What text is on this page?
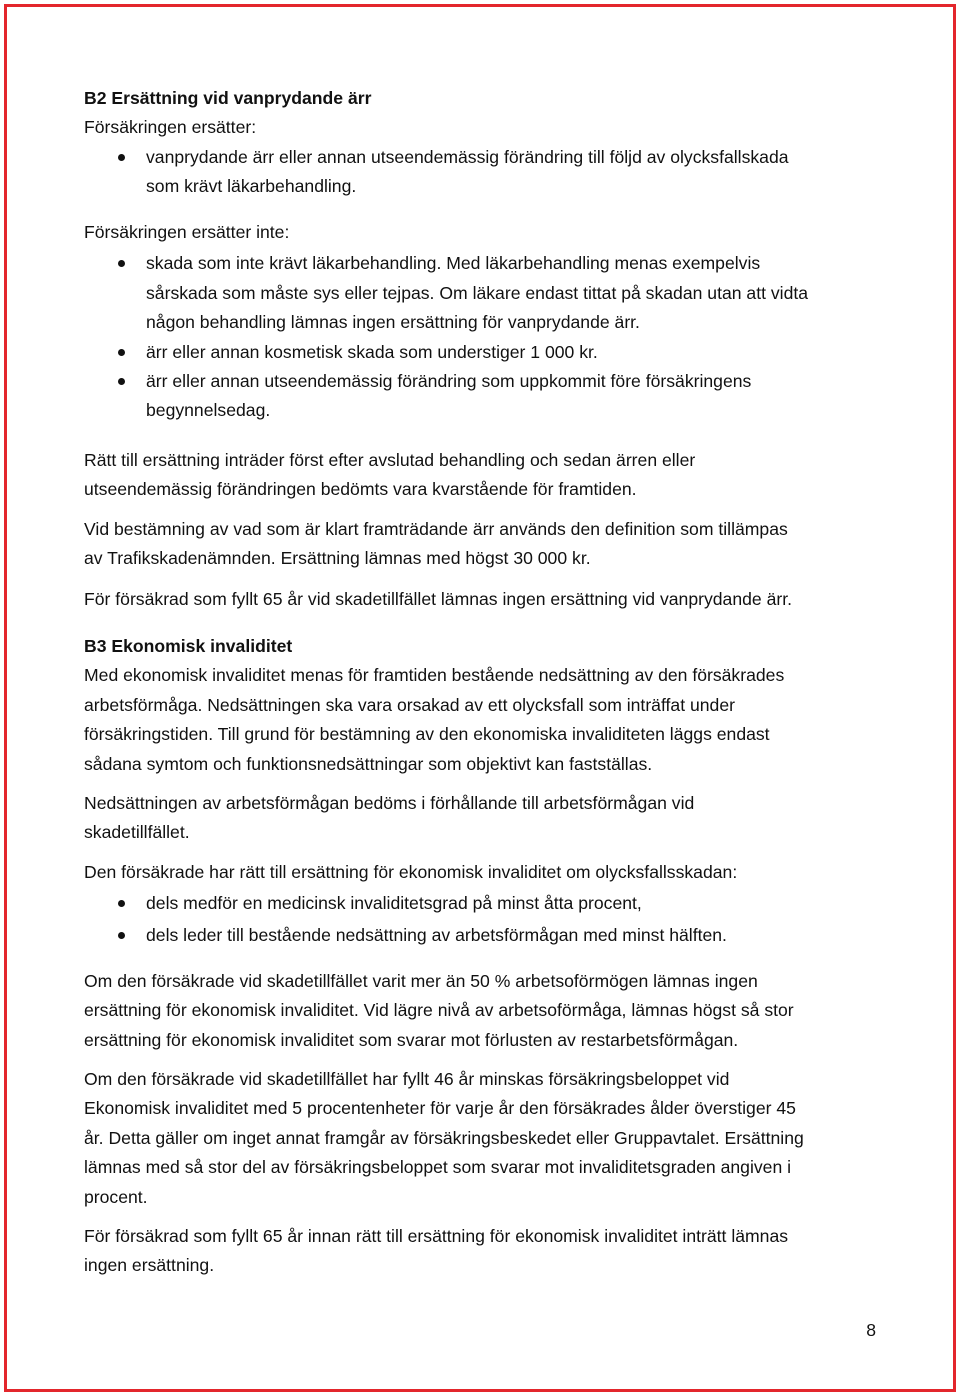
B2 Ersättning vid vanprydande ärr
Försäkringen ersätter:
vanprydande ärr eller annan utseendemässig förändring till följd av olycksfallskada
som krävt läkarbehandling.
Försäkringen ersätter inte:
skada som inte krävt läkarbehandling. Med läkarbehandling menas exempelvis
sårskada som måste sys eller tejpas. Om läkare endast tittat på skadan utan att vidta
någon behandling lämnas ingen ersättning för vanprydande ärr.
ärr eller annan kosmetisk skada som understiger 1 000 kr.
ärr eller annan utseendemässig förändring som uppkommit före försäkringens
begynnelsedag.
Rätt till ersättning inträder först efter avslutad behandling och sedan ärren eller
utseendemässig förändringen bedömts vara kvarstående för framtiden.
Vid bestämning av vad som är klart framträdande ärr används den definition som tillämpas
av Trafikskadenämnden. Ersättning lämnas med högst 30 000 kr.
För försäkrad som fyllt 65 år vid skadetillfället lämnas ingen ersättning vid vanprydande ärr.
B3 Ekonomisk invaliditet
Med ekonomisk invaliditet menas för framtiden bestående nedsättning av den försäkrades
arbetsförmåga. Nedsättningen ska vara orsakad av ett olycksfall som inträffat under
försäkringstiden. Till grund för bestämning av den ekonomiska invaliditeten läggs endast
sådana symtom och funktionsnedsättningar som objektivt kan fastställas.
Nedsättningen av arbetsförmågan bedöms i förhållande till arbetsförmågan vid
skadetillfället.
Den försäkrade har rätt till ersättning för ekonomisk invaliditet om olycksfallsskadan:
dels medför en medicinsk invaliditetsgrad på minst åtta procent,
dels leder till bestående nedsättning av arbetsförmågan med minst hälften.
Om den försäkrade vid skadetillfället varit mer än 50 % arbetsoförmögen lämnas ingen
ersättning för ekonomisk invaliditet. Vid lägre nivå av arbetsoförmåga, lämnas högst så stor
ersättning för ekonomisk invaliditet som svarar mot förlusten av restarbetsförmågan.
Om den försäkrade vid skadetillfället har fyllt 46 år minskas försäkringsbeloppet vid
Ekonomisk invaliditet med 5 procentenheter för varje år den försäkrades ålder överstiger 45
år. Detta gäller om inget annat framgår av försäkringsbeskedet eller Gruppavtalet. Ersättning
lämnas med så stor del av försäkringsbeloppet som svarar mot invaliditetsgraden angiven i
procent.
För försäkrad som fyllt 65 år innan rätt till ersättning för ekonomisk invaliditet inträtt lämnas
ingen ersättning.
8
